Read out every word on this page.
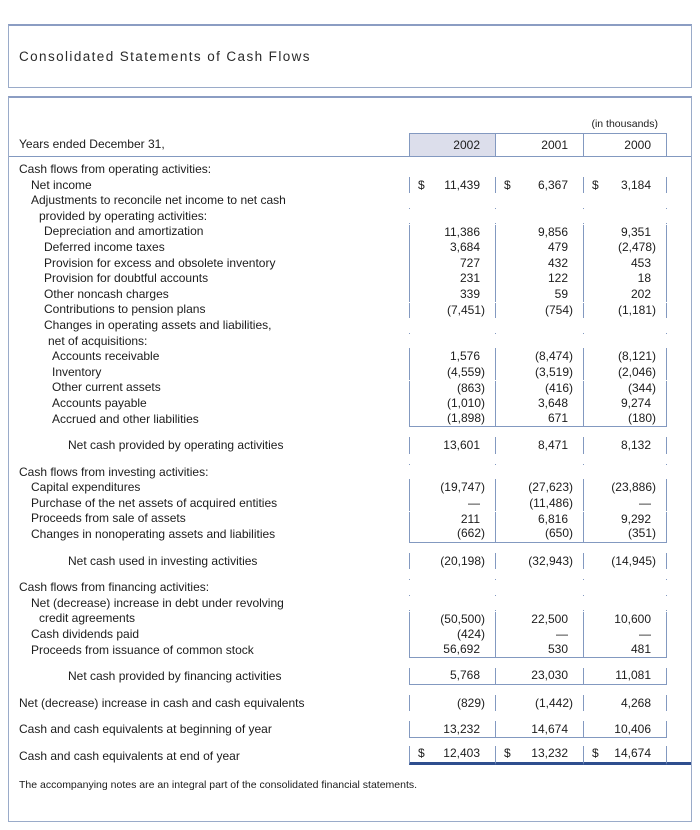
Consolidated Statements of Cash Flows
(in thousands)
Years ended December 31,	2002	2001	2000
Cash flows from operating activities:
Net income	$ 11,439 $ 6,367 $ 3,184
Adjustments to reconcile net income to net cash
provided by operating activities:
Depreciation and amortization	11,386	9,856	9,351
Deferred income taxes	3,684	479	(2,478)
Provision for excess and obsolete inventory	727	432	453
Provision for doubtful accounts	231	122	18
Other noncash charges	339	59	202
Contributions to pension plans	(7,451)	(754)	(1,181)
Changes in operating assets and liabilities,
net of acquisitions:
Accounts receivable	1,576	(8,474)	(8,121)
Inventory	(4,559)	(3,519)	(2,046)
Other current assets	(863)	(416)	(344)
Accounts payable	(1,010)	3,648	9,274
Accrued and other liabilities	(1,898)	671	(180)
Net cash provided by operating activities	13,601	8,471	8,132
Cash flows from investing activities:
Capital expenditures	(19,747)	(27,623)	(23,886)
Purchase of the net assets of acquired entities	—	(11,486)	—
Proceeds from sale of assets	211	6,816	9,292
Changes in nonoperating assets and liabilities	(662)	(650)	(351)
Net cash used in investing activities	(20,198)	(32,943)	(14,945)
Cash flows from financing activities:
Net (decrease) increase in debt under revolving
credit agreements	(50,500)	22,500	10,600
Cash dividends paid	(424)	—	—
Proceeds from issuance of common stock	56,692	530	481
Net cash provided by financing activities	5,768	23,030	11,081
Net (decrease) increase in cash and cash equivalents	(829)	(1,442)	4,268
Cash and cash equivalents at beginning of year	13,232	14,674	10,406
Cash and cash equivalents at end of year	$ 12,403 $ 13,232 $ 14,674
The accompanying notes are an integral part of the consolidated financial statements.
